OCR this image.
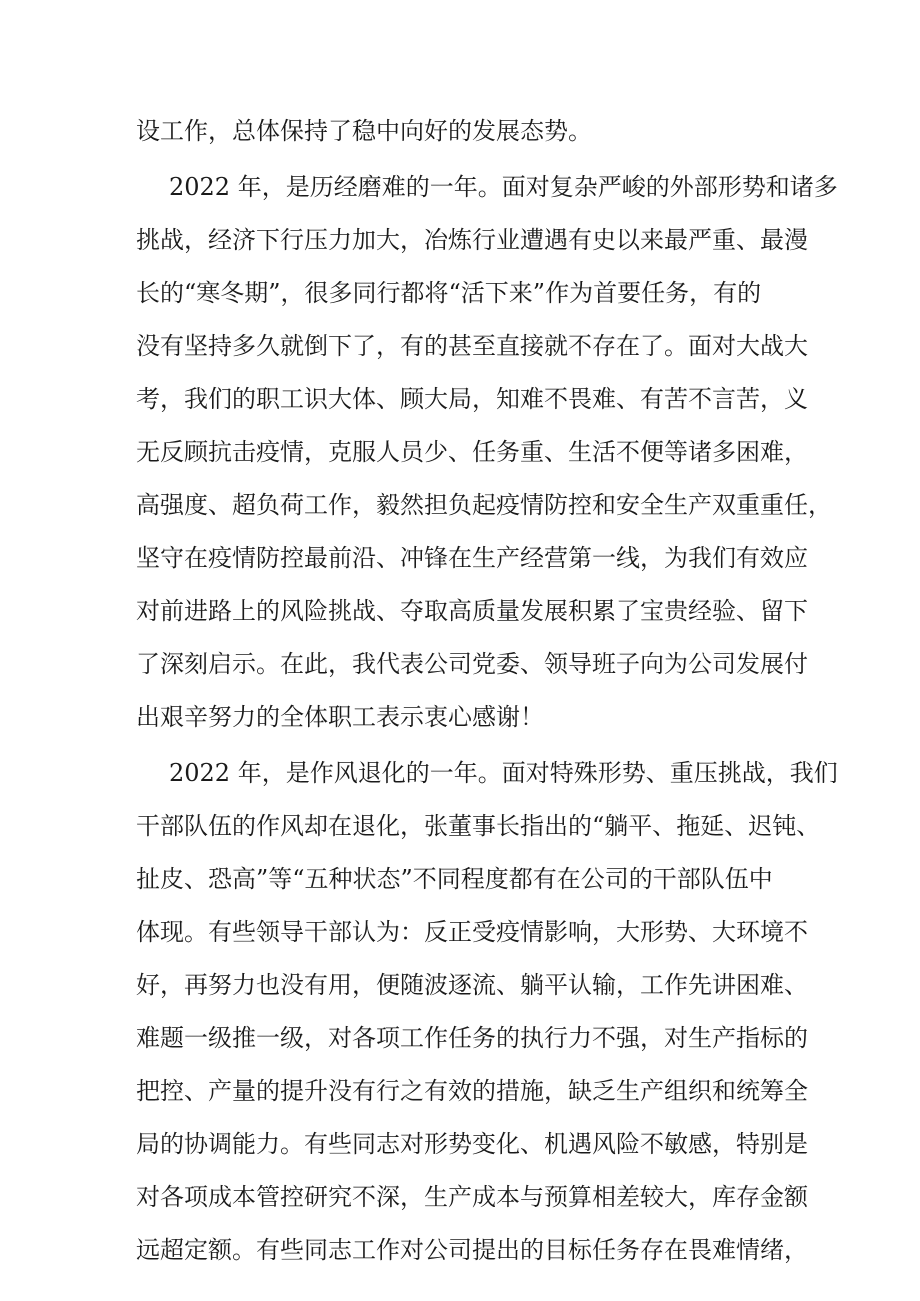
设工作，总体保持了稳中向好的发展态势。
2022 年，是历经磨难的一年。面对复杂严峻的外部形势和诸多
挑战，经济下行压力加大，冶炼行业遭遇有史以来最严重、最漫
长的“寒冬期”，很多同行都将“活下来”作为首要任务，有的
没有坚持多久就倒下了，有的甚至直接就不存在了。面对大战大
考，我们的职工识大体、顾大局，知难不畏难、有苦不言苦，义
无反顾抗击疫情，克服人员少、任务重、生活不便等诸多困难，
高强度、超负荷工作，毅然担负起疫情防控和安全生产双重重任，
坚守在疫情防控最前沿、冲锋在生产经营第一线，为我们有效应
对前进路上的风险挑战、夺取高质量发展积累了宝贵经验、留下
了深刻启示。在此，我代表公司党委、领导班子向为公司发展付
出艰辛努力的全体职工表示衷心感谢！
2022 年，是作风退化的一年。面对特殊形势、重压挑战，我们
干部队伍的作风却在退化，张董事长指出的“躺平、拖延、迟钝、
扯皮、恐高”等“五种状态”不同程度都有在公司的干部队伍中
体现。有些领导干部认为：反正受疫情影响，大形势、大环境不
好，再努力也没有用，便随波逐流、躺平认输，工作先讲困难、
难题一级推一级，对各项工作任务的执行力不强，对生产指标的
把控、产量的提升没有行之有效的措施，缺乏生产组织和统筹全
局的协调能力。有些同志对形势变化、机遇风险不敏感，特别是
对各项成本管控研究不深，生产成本与预算相差较大，库存金额
远超定额。有些同志工作对公司提出的目标任务存在畏难情绪，
